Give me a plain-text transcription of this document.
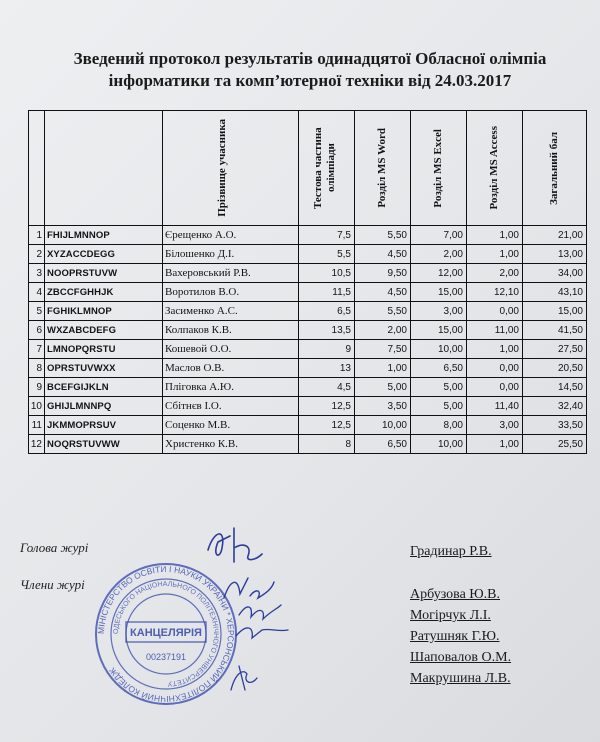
Зведений протокол результатів одинадцятої Обласної олімпіа
інформатики та комп’ютерної техніки від 24.03.2017

		Прізвище учасника	Тестова частина олімпіади	Розділ MS Word	Розділ MS Excel	Розділ MS Access	Загальний бал

1	FHIJLMNNOP	Єрещенко А.О.	7,5	5,50	7,00	1,00	21,00
2	XYZACCDEGG	Білошенко Д.І.	5,5	4,50	2,00	1,00	13,00
3	NOOPRSTUVW	Вахеровський Р.В.	10,5	9,50	12,00	2,00	34,00
4	ZBCCFGHHJK	Воротилов В.О.	11,5	4,50	15,00	12,10	43,10
5	FGHIKLMNOP	Засименко А.С.	6,5	5,50	3,00	0,00	15,00
6	WXZABCDEFG	Колпаков К.В.	13,5	2,00	15,00	11,00	41,50
7	LMNOPQRSTU	Кошевой О.О.	9	7,50	10,00	1,00	27,50
8	OPRSTUVWXX	Маслов О.В.	13	1,00	6,50	0,00	20,50
9	BCEFGIJKLN	Пліговка А.Ю.	4,5	5,00	5,00	0,00	14,50
10	GHIJLMNNPQ	Сбітнєв І.О.	12,5	3,50	5,00	11,40	32,40
11	JKMMOPRSUV	Соценко М.В.	12,5	10,00	8,00	3,00	33,50
12	NOQRSTUVWW	Христенко К.В.	8	6,50	10,00	1,00	25,50
Голова журі
Члени журі
Градинар Р.В.
Арбузова Ю.В.
Могірчук Л.І.
Ратушняк Г.Ю.
Шаповалов О.М.
Макрушина Л.В.
МІНІСТЕРСТВО ОСВІТИ І НАУКИ УКРАЇНИ * ХЕРСОНСЬКИЙ ПОЛІТЕХНІЧНИЙ КОЛЕДЖ
ОДЕСЬКОГО НАЦІОНАЛЬНОГО ПОЛІТЕХНІЧНОГО УНІВЕРСИТЕТУ
КАНЦЕЛЯРІЯ
00237191
